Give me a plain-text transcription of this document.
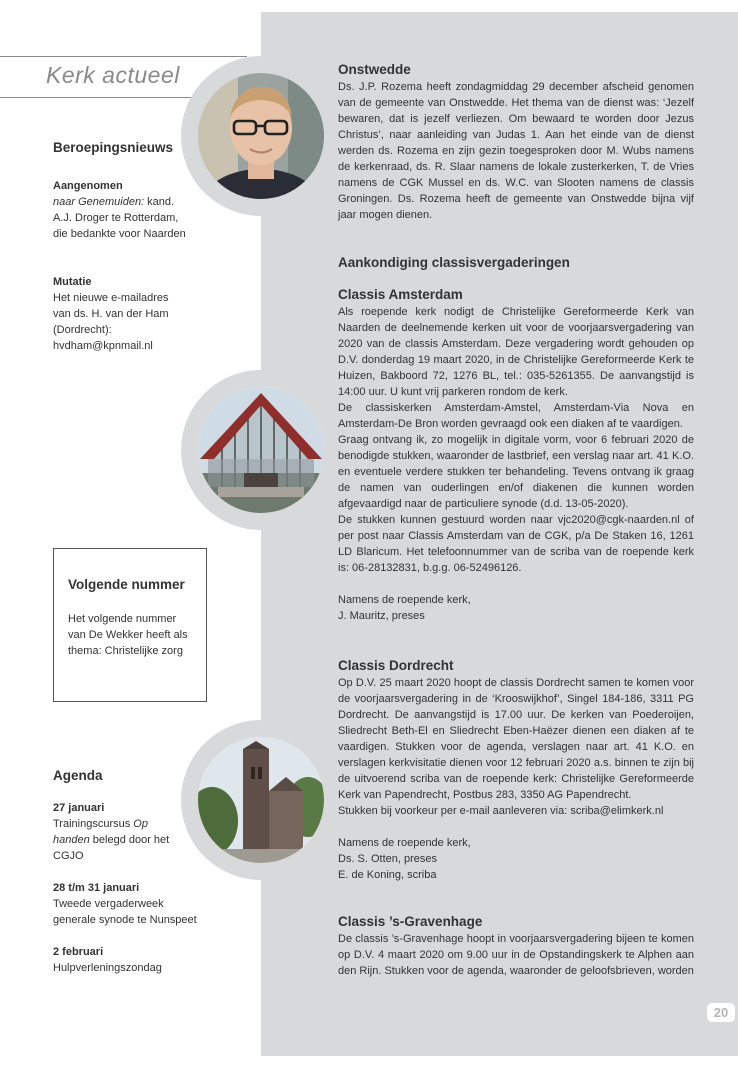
Kerk actueel
Beroepingsnieuws

Aangenomen

naar Genemuiden: kand.

A.J. Droger te Rotterdam,

die bedankte voor Naarden

Mutatie

Het nieuwe e-mailadres

van ds. H. van der Ham

(Dordrecht):

hvdham@kpnmail.nl

Volgende nummer
Het volgende nummer
van De Wekker heeft als
thema: Christelijke zorg
Agenda

27 januari

Trainingscursus Op

handen belegd door het

CGJO

28 t/m 31 januari

Tweede vergaderweek

generale synode te Nunspeet

2 februari

Hulpverleningszondag

Onstwedde

Ds. J.P. Rozema heeft zondagmiddag 29 december afscheid genomen van de gemeente van Onstwedde. Het thema van de dienst was: ‘Jezelf bewaren, dat is jezelf verliezen. Om bewaard te worden door Jezus Christus’, naar aanleiding van Judas 1. Aan het einde van de dienst werden ds. Rozema en zijn gezin toegesproken door M. Wubs namens de kerkenraad, ds. R. Slaar namens de lokale zusterkerken, T. de Vries namens de CGK Mussel en ds. W.C. van Slooten namens de classis Groningen. Ds. Rozema heeft de gemeente van Onstwedde bijna vijf jaar mogen dienen.

Aankondiging classisvergaderingen
Classis Amsterdam

Als roepende kerk nodigt de Christelijke Gereformeerde Kerk van Naarden de deelnemende kerken uit voor de voorjaarsvergadering van 2020 van de classis Amsterdam. Deze vergadering wordt gehouden op D.V. donderdag 19 maart 2020, in de Christelijke Gereformeerde Kerk te Huizen, Bakboord 72, 1276 BL, tel.: 035-5261355. De aanvangstijd is 14:00 uur. U kunt vrij parkeren rondom de kerk.

De classiskerken Amsterdam-Amstel, Amsterdam-Via Nova en Amsterdam-De Bron worden gevraagd ook een diaken af te vaardigen.

Graag ontvang ik, zo mogelijk in digitale vorm, voor 6 februari 2020 de benodigde stukken, waaronder de lastbrief, een verslag naar art. 41 K.O. en eventuele verdere stukken ter behandeling. Tevens ontvang ik graag de namen van ouderlingen en/of diakenen die kunnen worden afgevaardigd naar de particuliere synode (d.d. 13-05-2020).

De stukken kunnen gestuurd worden naar vjc2020@cgk-naarden.nl of per post naar Classis Amsterdam van de CGK, p/a De Staken 16, 1261 LD Blaricum. Het telefoonnummer van de scriba van de roepende kerk is: 06-28132831, b.g.g. 06-52496126.

Namens de roepende kerk,

J. Mauritz, preses

Classis Dordrecht

Op D.V. 25 maart 2020 hoopt de classis Dordrecht samen te komen voor de voorjaarsvergadering in de ‘Krooswijkhof’, Singel 184-186, 3311 PG Dordrecht. De aanvangstijd is 17.00 uur. De kerken van Poederoijen, Sliedrecht Beth-El en Sliedrecht Eben-Haëzer dienen een diaken af te vaardigen. Stukken voor de agenda, verslagen naar art. 41 K.O. en verslagen kerkvisitatie dienen voor 12 februari 2020 a.s. binnen te zijn bij de uitvoerend scriba van de roepende kerk: Christelijke Gereformeerde Kerk van Papendrecht, Postbus 283, 3350 AG Papendrecht.

Stukken bij voorkeur per e-mail aanleveren via: scriba@elimkerk.nl

Namens de roepende kerk,

Ds. S. Otten, preses

E. de Koning, scriba

Classis ’s-Gravenhage

De classis ’s-Gravenhage hoopt in voorjaarsvergadering bijeen te komen op D.V. 4 maart 2020 om 9.00 uur in de Opstandingskerk te Alphen aan den Rijn. Stukken voor de agenda, waaronder de geloofsbrieven, worden

20
